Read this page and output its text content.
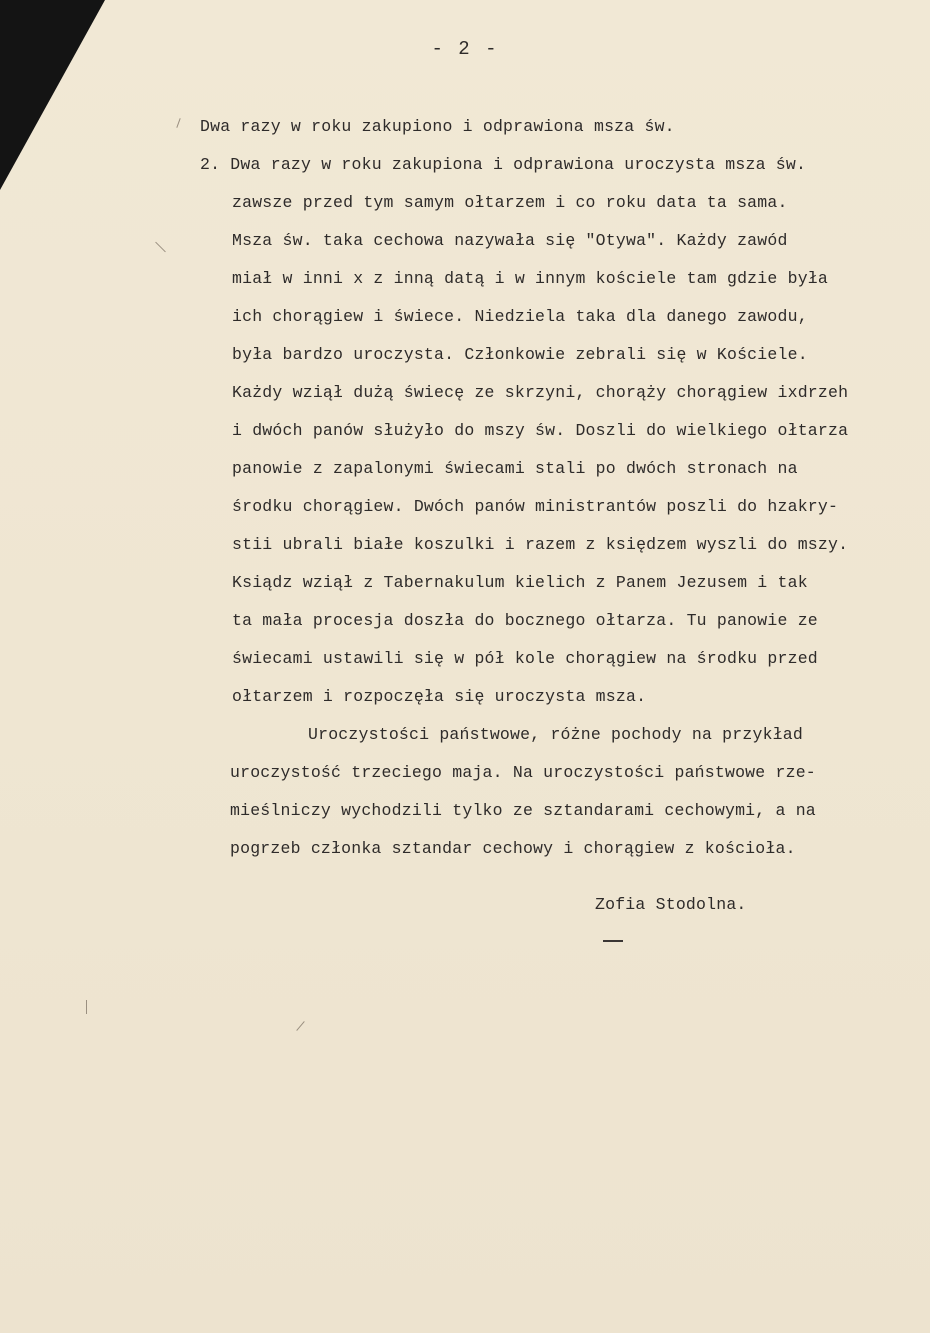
- 2 -
Dwa razy w roku zakupiono i odprawiona msza św.
2. Dwa razy w roku zakupiona i odprawiona uroczysta msza św.
zawsze przed tym samym ołtarzem i co roku data ta sama.
Msza św. taka cechowa nazywała się "Otywa". Każdy zawód
miał w inni x z inną datą i w innym kościele tam gdzie była
ich chorągiew i świece. Niedziela taka dla danego zawodu,
była bardzo uroczysta. Członkowie zebrali się w Kościele.
Każdy wziął dużą świecę ze skrzyni, chorąży chorągiew ixdrzeh
i dwóch panów służyło do mszy św. Doszli do wielkiego ołtarza
panowie z zapalonymi świecami stali po dwóch stronach na
środku chorągiew. Dwóch panów ministrantów poszli do hzakry-
stii ubrali białe koszulki i razem z księdzem wyszli do mszy.
Ksiądz wziął z Tabernakulum kielich z Panem Jezusem i tak
ta mała procesja doszła do bocznego ołtarza. Tu panowie ze
świecami ustawili się w pół kole chorągiew na środku przed
ołtarzem i rozpoczęła się uroczysta msza.
Uroczystości państwowe, różne pochody na przykład
uroczystość trzeciego maja. Na uroczystości państwowe rze-
mieślniczy wychodzili tylko ze sztandarami cechowymi, a na
pogrzeb członka sztandar cechowy i chorągiew z kościoła.
Zofia Stodolna.
